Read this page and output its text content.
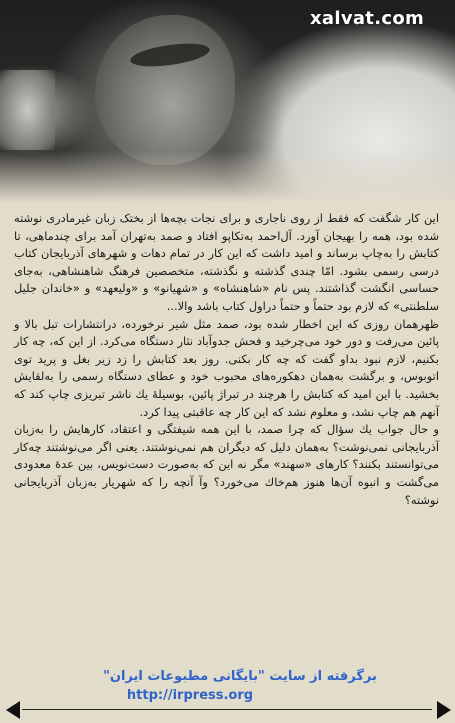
xalvat.com

این کار شگفت که فقط از روی ناجاری و برای نجات بچه‌ها از بختک زبان غیرمادری نوشته شده بود، همه را بهیجان آورد. آل‌احمد به‌تکاپو افتاد و صمد به‌تهران آمد برای چندماهی، تا کتابش را به‌چاپ برساند و امید داشت که این کار در تمام دهات و شهرهای آذربایجان کتاب درسی رسمی بشود. امّا چندی گذشته و نگذشته، متخصصین فرهنگ شاهنشاهی، به‌جای حساسی انگشت گذاشتند. پس نام «شاهنشاه» و «شهیانو» و «ولیعهد» و «خاندان جلیل سلطنتی» که لازم بود حتماً و حتماً دراول کتاب باشد والا...

ظهرهمان روزی که این اخطار شده بود، صمد مثل شیر نرخورده، درانتشارات تبل بالا و پائین می‌رفت و دور خود می‌چرخید و فحش جدوآباد نثار دستگاه می‌کرد. از این که، چه کار بکنیم، لازم نبود بداو گفت که چه کار بکنی. روز بعد کتابش را زد زیر بغل و پرید توی اتوبوس، و برگشت به‌همان دهکوره‌های محبوب خود و عطای دستگاه رسمی را به‌لقایش بخشید. با این امید که کتابش را هرچند در تبراژ پائین، بوسیلهٔ یك ناشر تبریزی چاپ کند که آنهم هم چاپ نشد، و معلوم نشد که این کار چه عاقبتی پیدا کرد.

و حال جواب یك سؤال که چرا صمد، با این همه شیفتگی و اعتقاد، کارهایش را به‌زبان آذربایجانی نمی‌نوشت؟ به‌همان دلیل که دیگران هم نمی‌نوشتند. یعنی اگر می‌نوشتند چه‌کار می‌توانستند بکنند؟ کارهای «سهند» مگر نه این که به‌صورت دست‌نویس، بین عدهٔ معدودی می‌گشت و انبوه آن‌ها هنوز هم‌خاك می‌خورد؟ وآ آنچه را که شهریار به‌زبان آذربایجانی نوشته؟

برگرفته از سایت "بایگانی مطبوعات ایران"
http://irpress.org
